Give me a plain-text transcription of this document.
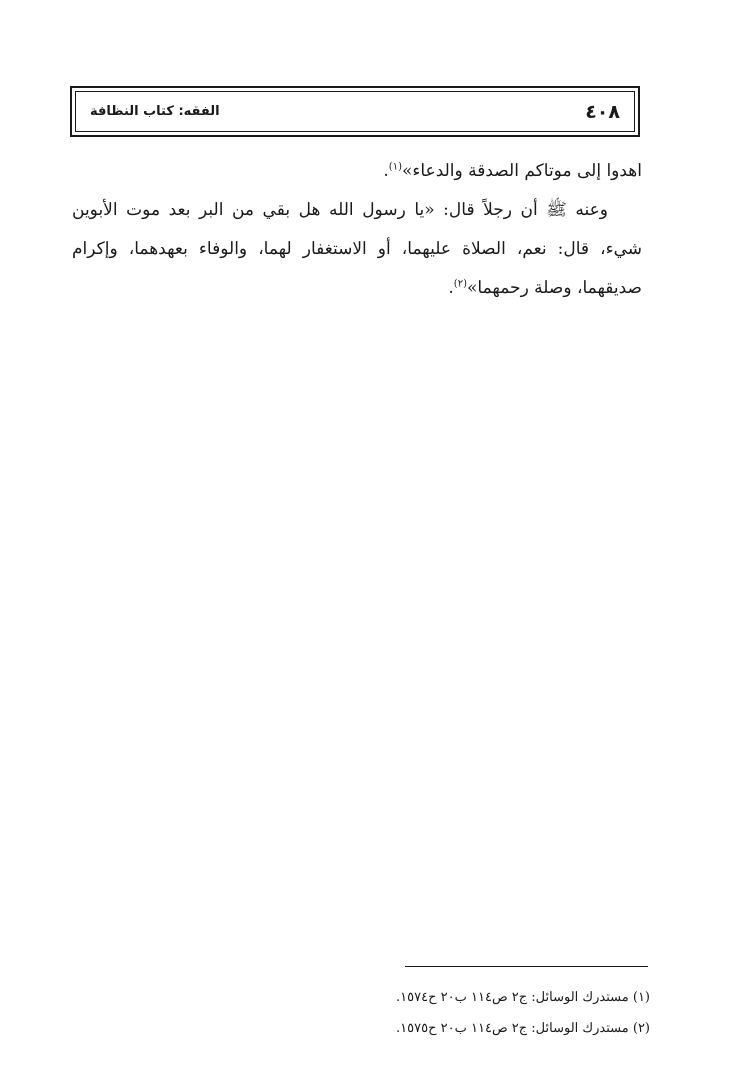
٤٠٨
الفقه: كتاب النظافة

اهدوا إلى موتاكم الصدقة والدعاء»$^{(١)}$.

وعنه ﷺ أن رجلاً قال: «يا رسول الله هل بقي من البر بعد موت الأبوين شيء، قال: نعم، الصلاة عليهما، أو الاستغفار لهما، والوفاء بعهدهما، وإكرام صديقهما، وصلة رحمهما»$^{(٢)}$.

(١) مستدرك الوسائل: ج٢ ص١١٤ ب٢٠ ح١٥٧٤.
(٢) مستدرك الوسائل: ج٢ ص١١٤ ب٢٠ ح١٥٧٥.
